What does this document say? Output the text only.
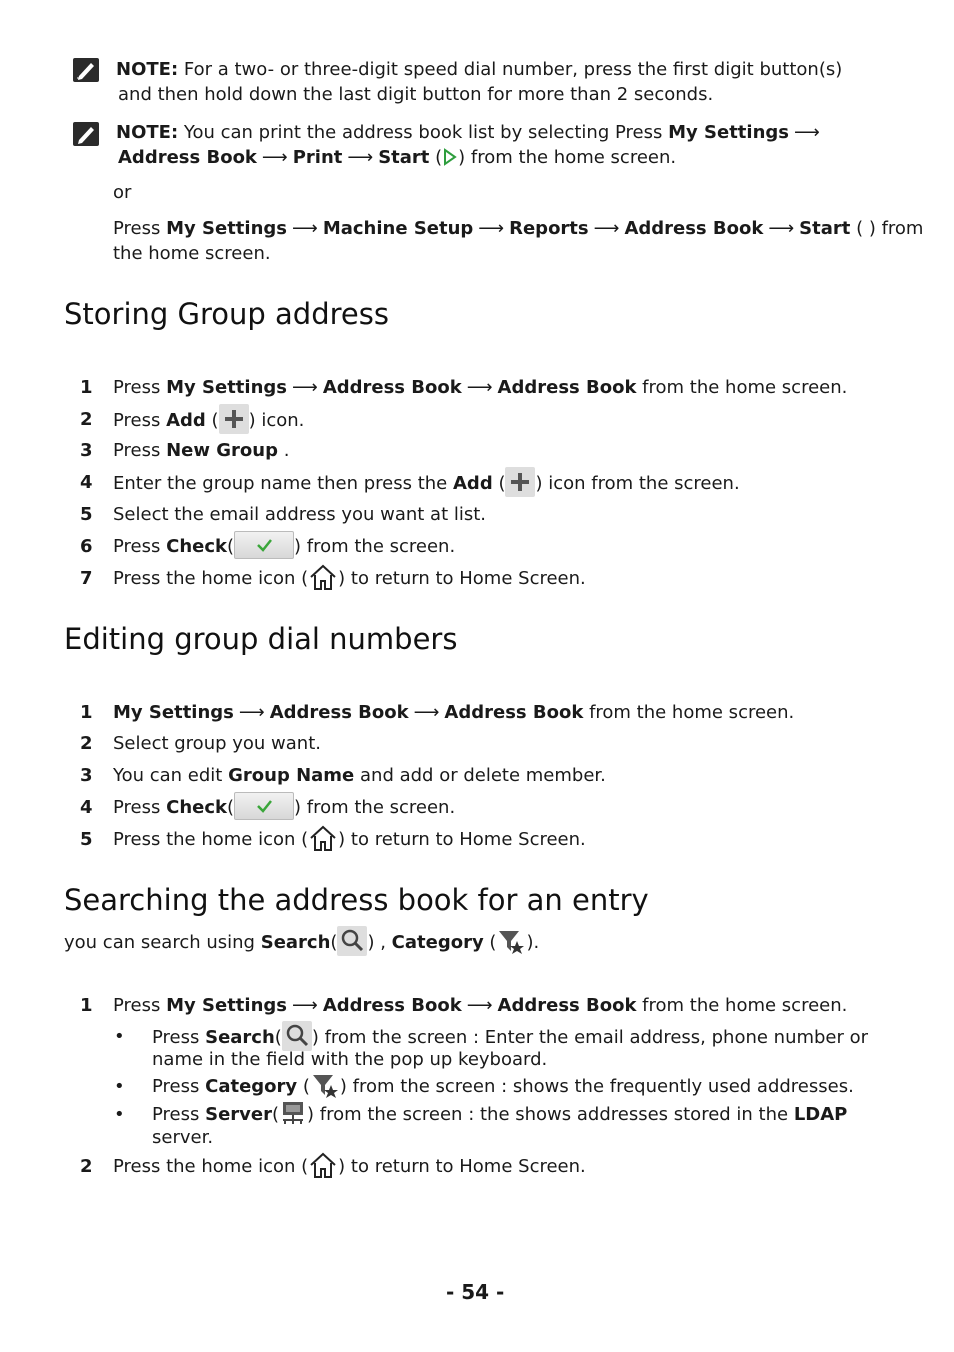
NOTE: For a two- or three-digit speed dial number, press the first digit button(s)
and then hold down the last digit button for more than 2 seconds.
NOTE: You can print the address book list by selecting Press My Settings ⟶
Address Book ⟶ Print ⟶ Start ( ) from the home screen.
or
Press My Settings ⟶ Machine Setup ⟶ Reports ⟶ Address Book ⟶ Start ( ) from
the home screen.
Storing Group address
1	Press My Settings ⟶ Address Book ⟶ Address Book from the home screen.
2	Press Add ( ) icon.
3	Press New Group .
4	Enter the group name then press the Add ( ) icon from the screen.
5	Select the email address you want at list.
6	Press Check(	) from the screen.
7	Press the home icon ( ) to return to Home Screen.
Editing group dial numbers
1	My Settings ⟶ Address Book ⟶ Address Book from the home screen.
2	Select group you want.
3	You can edit Group Name and add or delete member.
4	Press Check(	) from the screen.
5	Press the home icon ( ) to return to Home Screen.
Searching the address book for an entry
you can search using Search( ) , Category ( ).
1	Press My Settings ⟶ Address Book ⟶ Address Book from the home screen.
• Press Search( ) from the screen : Enter the email address, phone number or
name in the field with the pop up keyboard.
• Press Category ( ) from the screen : shows the frequently used addresses.
• Press Server( ) from the screen : the shows addresses stored in the LDAP
server.
2	Press the home icon ( ) to return to Home Screen.
- 54 -
